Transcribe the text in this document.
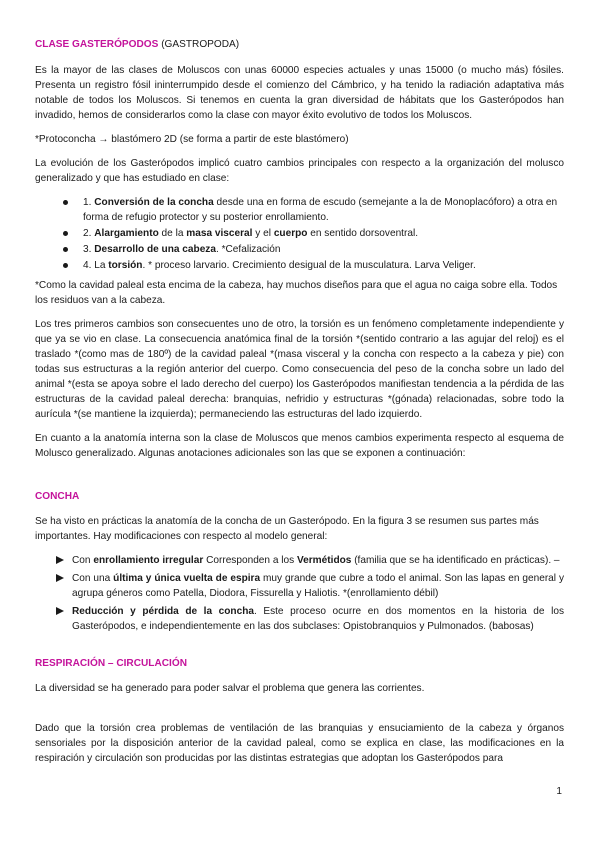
CLASE GASTERÓPODOS (GASTROPODA)

Es la mayor de las clases de Moluscos con unas 60000 especies actuales y unas 15000 (o mucho más) fósiles. Presenta un registro fósil ininterrumpido desde el comienzo del Cámbrico, y ha tenido la radiación adaptativa más notable de todos los Moluscos. Si tenemos en cuenta la gran diversidad de hábitats que los Gasterópodos han invadido, hemos de considerarlos como la clase con mayor éxito evolutivo de todos los Moluscos.

*Protoconcha → blastómero 2D (se forma a partir de este blastómero)

La evolución de los Gasterópodos implicó cuatro cambios principales con respecto a la organización del molusco generalizado y que has estudiado en clase:

1. Conversión de la concha desde una en forma de escudo (semejante a la de Monoplacóforo) a otra en forma de refugio protector y su posterior enrollamiento.
2. Alargamiento de la masa visceral y el cuerpo en sentido dorsoventral.
3. Desarrollo de una cabeza. *Cefalización
4. La torsión. * proceso larvario. Crecimiento desigual de la musculatura. Larva Veliger.

*Como la cavidad paleal esta encima de la cabeza, hay muchos diseños para que el agua no caiga sobre ella. Todos los residuos van a la cabeza.

Los tres primeros cambios son consecuentes uno de otro, la torsión es un fenómeno completamente independiente y que ya se vio en clase. La consecuencia anatómica final de la torsión *(sentido contrario a las agujar del reloj) es el traslado *(como mas de 180º) de la cavidad paleal *(masa visceral y la concha con respecto a la cabeza y pie) con todas sus estructuras a la región anterior del cuerpo. Como consecuencia del peso de la concha sobre un lado del animal *(esta se apoya sobre el lado derecho del cuerpo) los Gasterópodos manifiestan tendencia a la pérdida de las estructuras de la cavidad paleal derecha: branquias, nefridio y estructuras *(gónada) relacionadas, sobre todo la aurícula *(se mantiene la izquierda); permaneciendo las estructuras del lado izquierdo.

En cuanto a la anatomía interna son la clase de Moluscos que menos cambios experimenta respecto al esquema de Molusco generalizado. Algunas anotaciones adicionales son las que se exponen a continuación:

CONCHA

Se ha visto en prácticas la anatomía de la concha de un Gasterópodo. En la figura 3 se resumen sus partes más importantes. Hay modificaciones con respecto al modelo general:

Con enrollamiento irregular Corresponden a los Vermétidos (familia que se ha identificado en prácticas). –
Con una última y única vuelta de espira muy grande que cubre a todo el animal. Son las lapas en general y agrupa géneros como Patella, Diodora, Fissurella y Haliotis. *(enrollamiento débil)
Reducción y pérdida de la concha. Este proceso ocurre en dos momentos en la historia de los Gasterópodos, e independientemente en las dos subclases: Opistobranquios y Pulmonados. (babosas)

RESPIRACIÓN – CIRCULACIÓN

La diversidad se ha generado para poder salvar el problema que genera las corrientes.

Dado que la torsión crea problemas de ventilación de las branquias y ensuciamiento de la cabeza y órganos sensoriales por la disposición anterior de la cavidad paleal, como se explica en clase, las modificaciones en la respiración y circulación son producidas por las distintas estrategias que adoptan los Gasterópodos para

1
